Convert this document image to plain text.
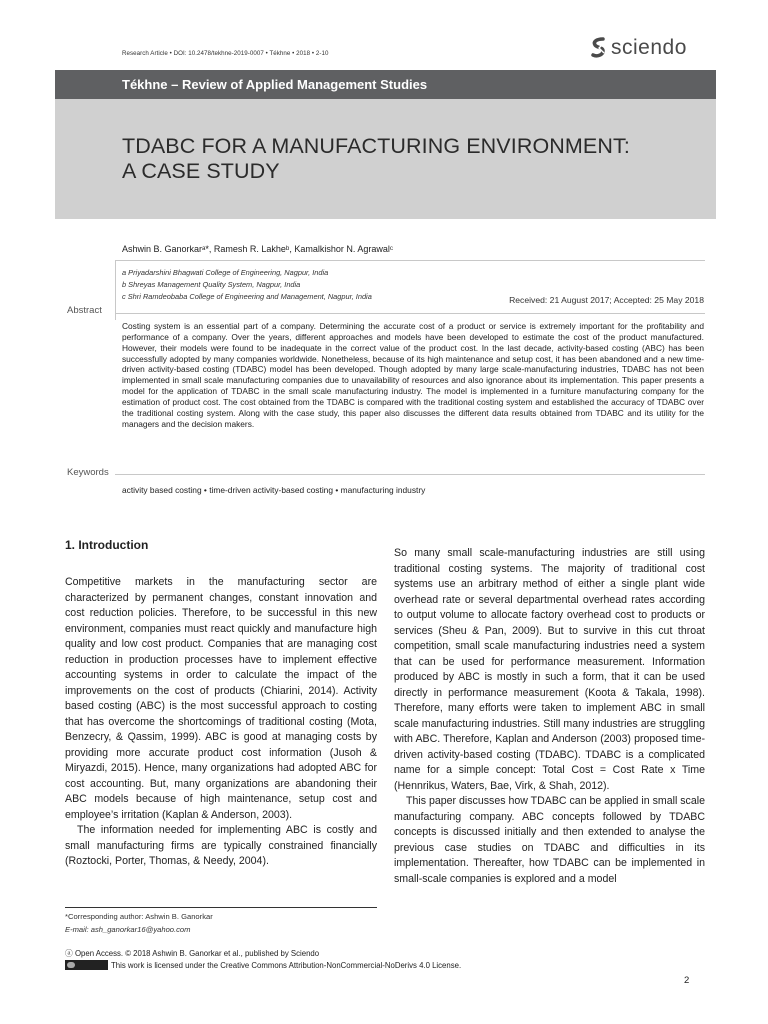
Research Article • DOI: 10.2478/tekhne-2019-0007 • Tékhne • 2018 • 2-10	sciendo
Tékhne – Review of Applied Management Studies
TDABC FOR A MANUFACTURING ENVIRONMENT:
A CASE STUDY
Ashwin B. Ganorkarᵃ*, Ramesh R. Lakheᵇ, Kamalkishor N. Agrawalᶜ
a Priyadarshini Bhagwati College of Engineering, Nagpur, India
b Shreyas Management Quality System, Nagpur, India
c Shri Ramdeobaba College of Engineering and Management, Nagpur, India	Received: 21 August 2017; Accepted: 25 May 2018
Abstract
Costing system is an essential part of a company. Determining the accurate cost of a product or service is extremely important for the profitability and performance of a company. Over the years, different approaches and models have been developed to estimate the cost of the product manufactured. However, their models were found to be inadequate in the correct value of the product cost. In the last decade, activity-based costing (ABC) has been successfully adopted by many companies worldwide. Nonetheless, because of its high maintenance and setup cost, it has been abandoned and a new time-driven activity-based costing (TDABC) model has been developed. Though adopted by many large scale-manufacturing industries, TDABC has not been implemented in small scale manufacturing companies due to unavailability of resources and also ignorance about its implementation. This paper presents a model for the application of TDABC in the small scale manufacturing industry. The model is implemented in a furniture manufacturing company for the estimation of product cost. The cost obtained from the TDABC is compared with the traditional costing system and established the accuracy of TDABC over the traditional costing system. Along with the case study, this paper also discusses the different data results obtained from TDABC and its utility for the managers and the decision makers.
Keywords
activity based costing • time-driven activity-based costing • manufacturing industry
1. Introduction

Competitive markets in the manufacturing sector are characterized by permanent changes, constant innovation and cost reduction policies. Therefore, to be successful in this new environment, companies must react quickly and manufacture high quality and low cost product. Companies that are managing cost reduction in production processes have to implement effective accounting systems in order to calculate the impact of the improvements on the cost of products (Chiarini, 2014). Activity based costing (ABC) is the most successful approach to costing that has overcome the shortcomings of traditional costing (Mota, Benzecry, & Qassim, 1999). ABC is good at managing costs by providing more accurate product cost information (Jusoh & Miryazdi, 2015). Hence, many organizations had adopted ABC for cost accounting. But, many organizations are abandoning their ABC models because of high maintenance, setup cost and employee’s irritation (Kaplan & Anderson, 2003).

The information needed for implementing ABC is costly and small manufacturing firms are typically constrained financially (Roztocki, Porter, Thomas, & Needy, 2004).

So many small scale-manufacturing industries are still using traditional costing systems. The majority of traditional cost systems use an arbitrary method of either a single plant wide overhead rate or several departmental overhead rates according to output volume to allocate factory overhead cost to products or services (Sheu & Pan, 2009). But to survive in this cut throat competition, small scale manufacturing industries need a system that can be used for performance measurement. Information produced by ABC is mostly in such a form, that it can be used directly in performance measurement (Koota & Takala, 1998). Therefore, many efforts were taken to implement ABC in small scale manufacturing industries. Still many industries are struggling with ABC. Therefore, Kaplan and Anderson (2003) proposed time-driven activity-based costing (TDABC). TDABC is a complicated name for a simple concept: Total Cost = Cost Rate x Time (Hennrikus, Waters, Bae, Virk, & Shah, 2012).

This paper discusses how TDABC can be applied in small scale manufacturing company. ABC concepts followed by TDABC concepts is discussed initially and then extended to analyse the previous case studies on TDABC and difficulties in its implementation. Thereafter, how TDABC can be implemented in small-scale companies is explored and a model

*Corresponding author: Ashwin B. Ganorkar
E-mail: ash_ganorkar16@yahoo.com
ⓐ Open Access. © 2018 Ashwin B. Ganorkar et al., published by Sciendo
This work is licensed under the Creative Commons Attribution-NonCommercial-NoDerivs 4.0 License.
2
